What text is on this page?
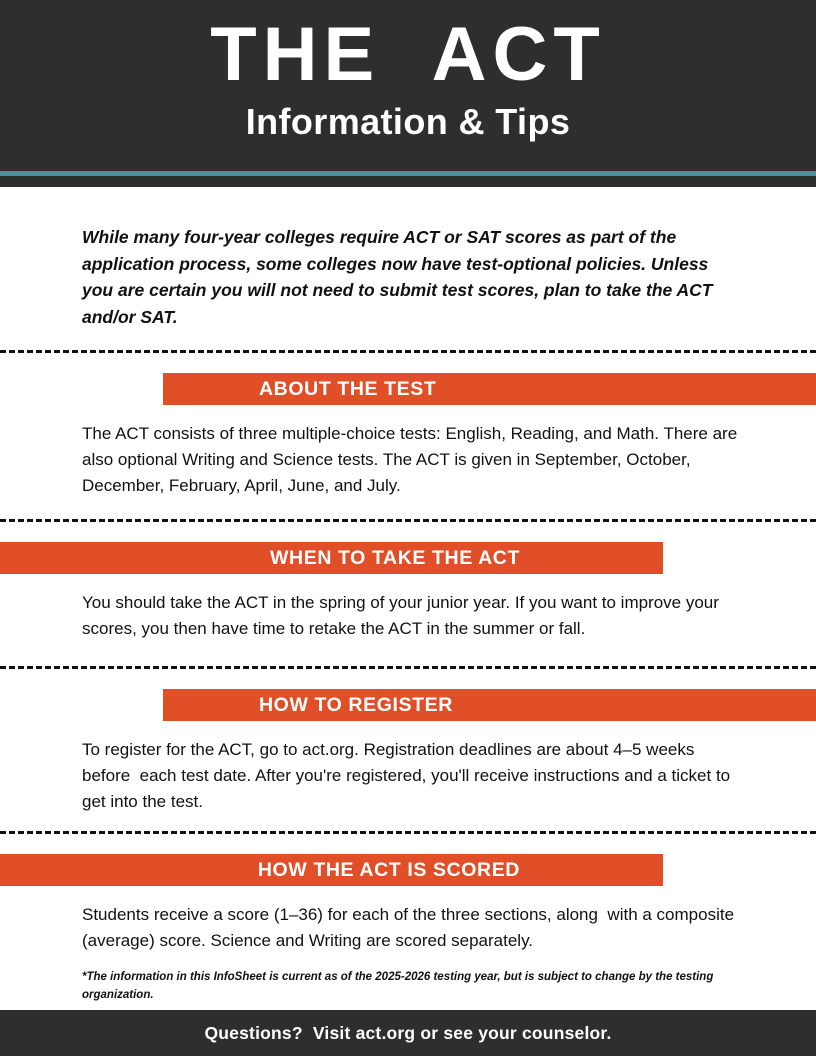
THE  ACT
Information & Tips

While many four-year colleges require ACT or SAT scores as part of the application process, some colleges now have test-optional policies. Unless you are certain you will not need to submit test scores, plan to take the ACT and/or SAT.

ABOUT THE TEST

The ACT consists of three multiple-choice tests: English, Reading, and Math. There are also optional Writing and Science tests. The ACT is given in September, October, December, February, April, June, and July.

WHEN TO TAKE THE ACT

You should take the ACT in the spring of your junior year. If you want to improve your scores, you then have time to retake the ACT in the summer or fall.

HOW TO REGISTER

To register for the ACT, go to act.org. Registration deadlines are about 4–5 weeks before  each test date. After you're registered, you'll receive instructions and a ticket to get into the test.

HOW THE ACT IS SCORED

Students receive a score (1–36) for each of the three sections, along  with a composite (average) score. Science and Writing are scored separately.

*The information in this InfoSheet is current as of the 2025-2026 testing year, but is subject to change by the testing organization.

Questions?  Visit act.org or see your counselor.
